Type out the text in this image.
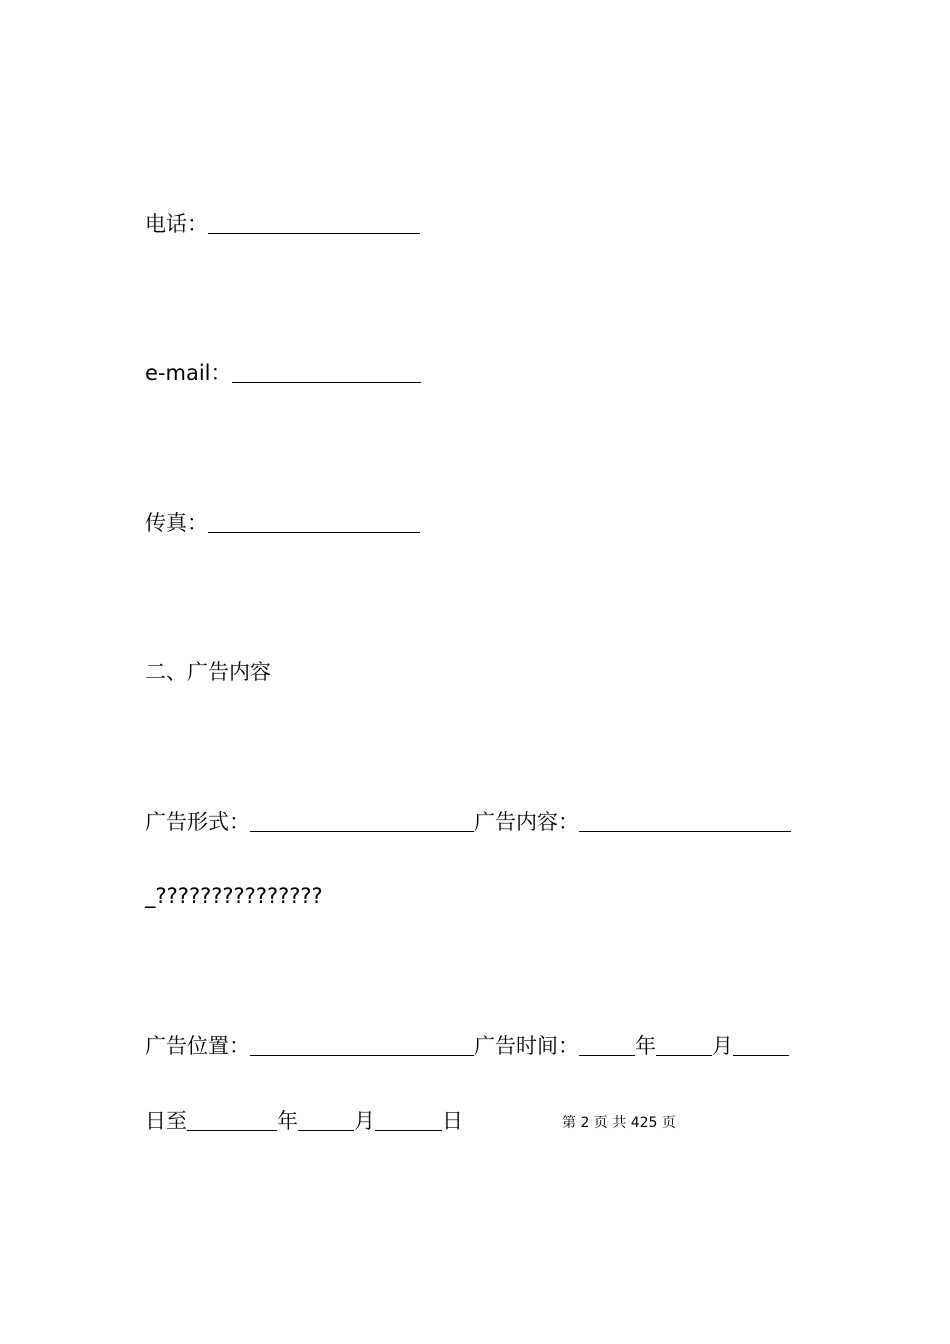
电话：

e-mail：

传真：

二、广告内容

广告形式：	广告内容：

_???????????????

广告位置：	广告时间：	年	月

日至	年	月	日	第 2 页 共 425 页
